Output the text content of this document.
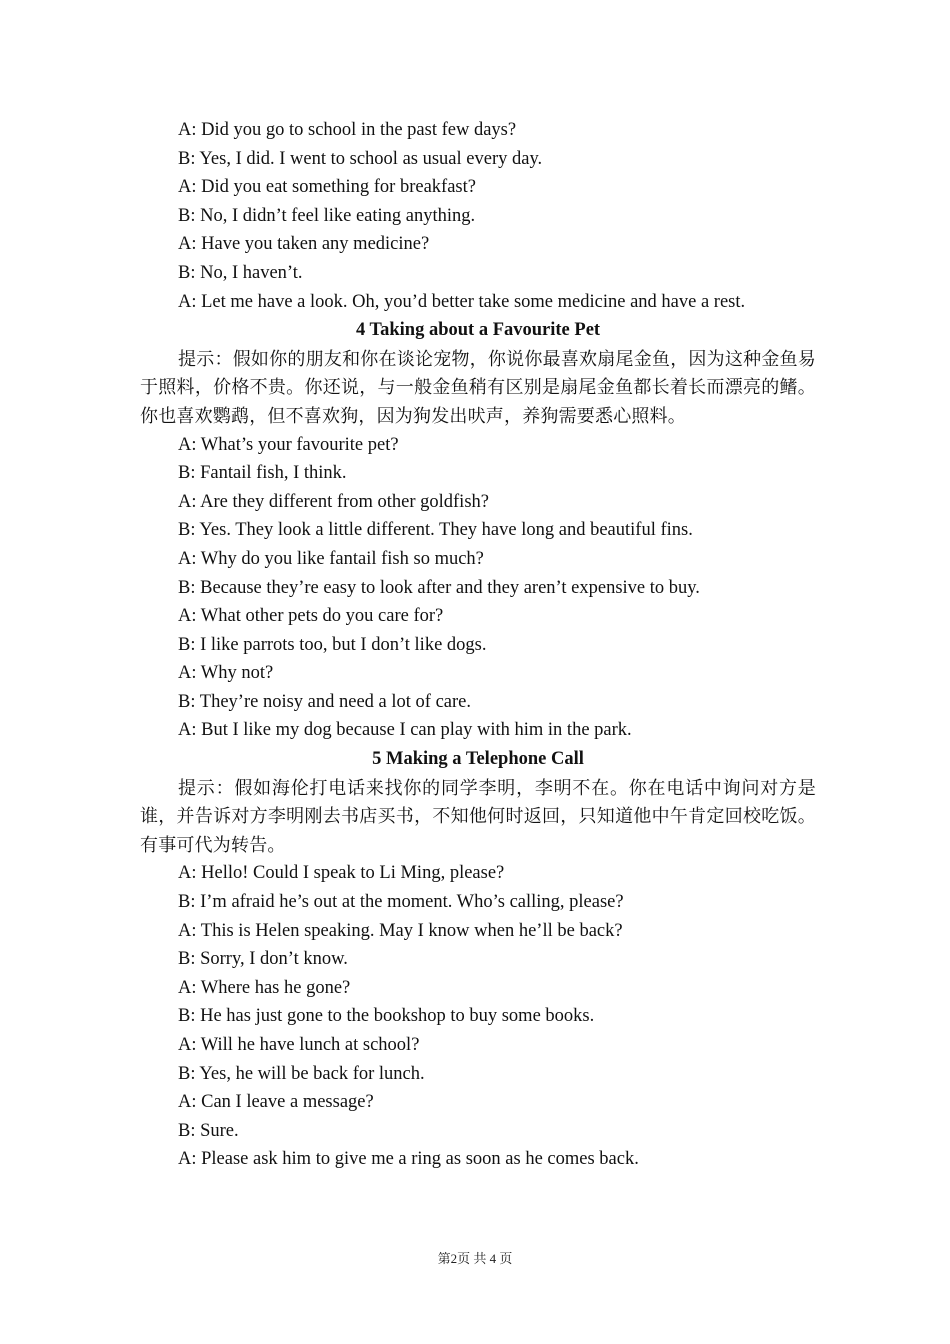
A: Did you go to school in the past few days?
B: Yes, I did. I went to school as usual every day.
A: Did you eat something for breakfast?
B: No, I didn’t feel like eating anything.
A: Have you taken any medicine?
B: No, I haven’t.
A: Let me have a look. Oh, you’d better take some medicine and have a rest.
4 Taking about a Favourite Pet
提示：假如你的朋友和你在谈论宠物，你说你最喜欢扇尾金鱼，因为这种金鱼易于照料，价格不贵。你还说，与一般金鱼稍有区别是扇尾金鱼都长着长而漂亮的鳍。你也喜欢鹦鹉，但不喜欢狗，因为狗发出吠声，养狗需要悉心照料。
A: What’s your favourite pet?
B: Fantail fish, I think.
A: Are they different from other goldfish?
B: Yes. They look a little different. They have long and beautiful fins.
A: Why do you like fantail fish so much?
B: Because they’re easy to look after and they aren’t expensive to buy.
A: What other pets do you care for?
B: I like parrots too, but I don’t like dogs.
A: Why not?
B: They’re noisy and need a lot of care.
A: But I like my dog because I can play with him in the park.
5 Making a Telephone Call
提示：假如海伦打电话来找你的同学李明，李明不在。你在电话中询问对方是谁，并告诉对方李明刚去书店买书，不知他何时返回，只知道他中午肯定回校吃饭。有事可代为转告。
A: Hello! Could I speak to Li Ming, please?
B: I’m afraid he’s out at the moment. Who’s calling, please?
A: This is Helen speaking. May I know when he’ll be back?
B: Sorry, I don’t know.
A: Where has he gone?
B: He has just gone to the bookshop to buy some books.
A: Will he have lunch at school?
B: Yes, he will be back for lunch.
A: Can I leave a message?
B: Sure.
A: Please ask him to give me a ring as soon as he comes back.
第2页 共 4 页
